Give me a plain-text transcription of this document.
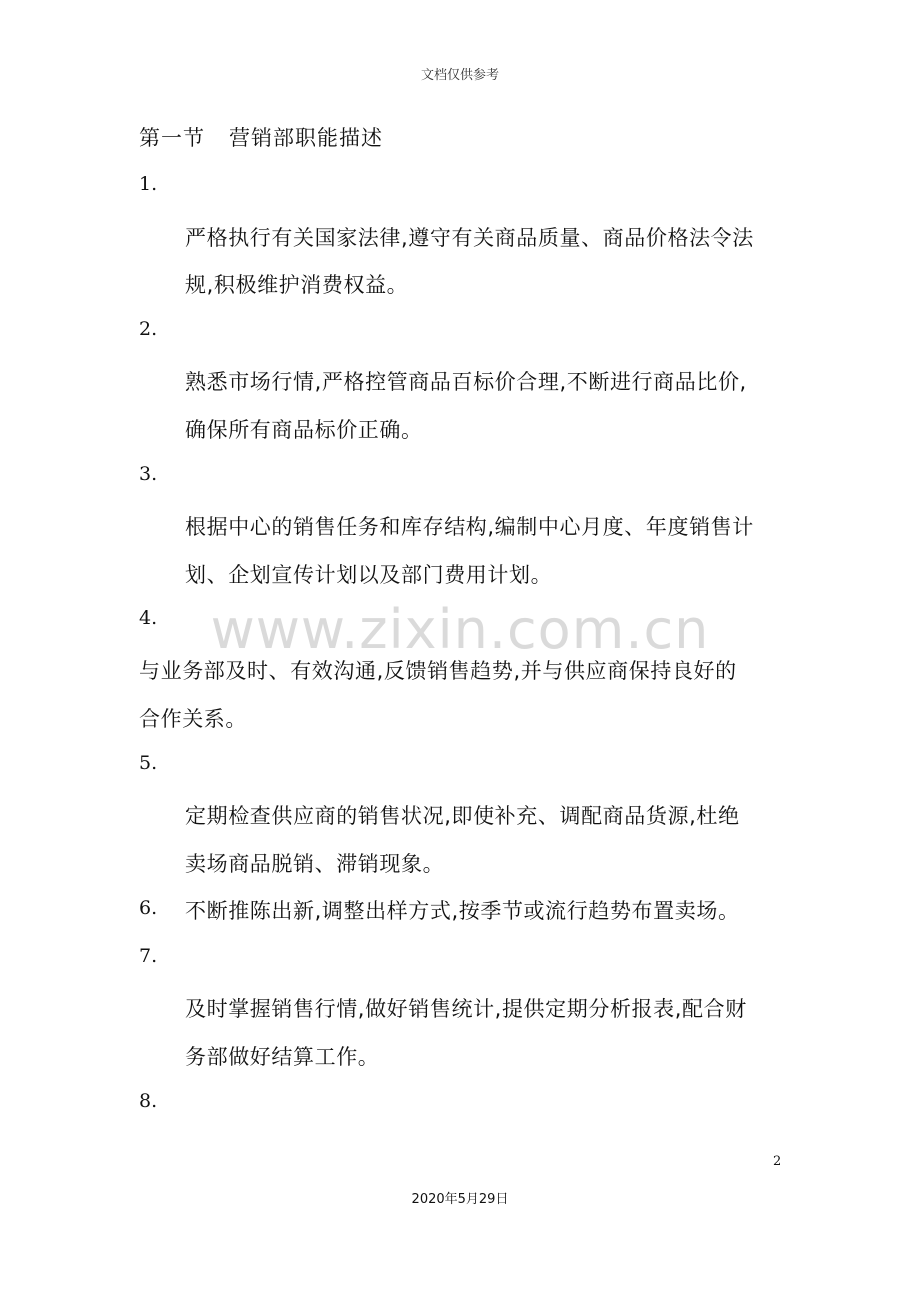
文档仅供参考
第一节 营销部职能描述
www.zixin.com.cn
1.
严格执行有关国家法律,遵守有关商品质量、商品价格法令法
规,积极维护消费权益。
2.
熟悉市场行情,严格控管商品百标价合理,不断进行商品比价,
确保所有商品标价正确。
3.
根据中心的销售任务和库存结构,编制中心月度、年度销售计
划、企划宣传计划以及部门费用计划。
4.
与业务部及时、有效沟通,反馈销售趋势,并与供应商保持良好的
合作关系。
5.
定期检查供应商的销售状况,即使补充、调配商品货源,杜绝
卖场商品脱销、滞销现象。
6. 不断推陈出新,调整出样方式,按季节或流行趋势布置卖场。
7.
及时掌握销售行情,做好销售统计,提供定期分析报表,配合财
务部做好结算工作。
8.
2
2020年5月29日
